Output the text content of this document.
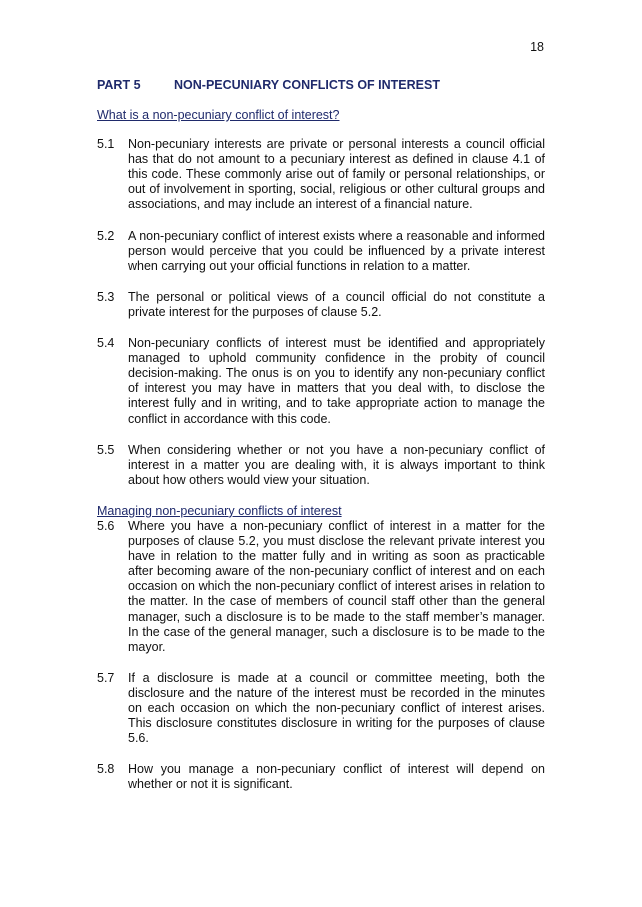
18
PART 5	NON-PECUNIARY CONFLICTS OF INTEREST

What is a non-pecuniary conflict of interest?

5.1	Non-pecuniary interests are private or personal interests a council official has that do not amount to a pecuniary interest as defined in clause 4.1 of this code. These commonly arise out of family or personal relationships, or out of involvement in sporting, social, religious or other cultural groups and associations, and may include an interest of a financial nature.
5.2	A non-pecuniary conflict of interest exists where a reasonable and informed person would perceive that you could be influenced by a private interest when carrying out your official functions in relation to a matter.
5.3	The personal or political views of a council official do not constitute a private interest for the purposes of clause 5.2.
5.4	Non-pecuniary conflicts of interest must be identified and appropriately managed to uphold community confidence in the probity of council decision-making. The onus is on you to identify any non-pecuniary conflict of interest you may have in matters that you deal with, to disclose the interest fully and in writing, and to take appropriate action to manage the conflict in accordance with this code.
5.5	When considering whether or not you have a non-pecuniary conflict of interest in a matter you are dealing with, it is always important to think about how others would view your situation.

Managing non-pecuniary conflicts of interest

5.6	Where you have a non-pecuniary conflict of interest in a matter for the purposes of clause 5.2, you must disclose the relevant private interest you have in relation to the matter fully and in writing as soon as practicable after becoming aware of the non-pecuniary conflict of interest and on each occasion on which the non-pecuniary conflict of interest arises in relation to the matter. In the case of members of council staff other than the general manager, such a disclosure is to be made to the staff member’s manager. In the case of the general manager, such a disclosure is to be made to the mayor.
5.7	If a disclosure is made at a council or committee meeting, both the disclosure and the nature of the interest must be recorded in the minutes on each occasion on which the non-pecuniary conflict of interest arises. This disclosure constitutes disclosure in writing for the purposes of clause 5.6.
5.8	How you manage a non-pecuniary conflict of interest will depend on whether or not it is significant.
